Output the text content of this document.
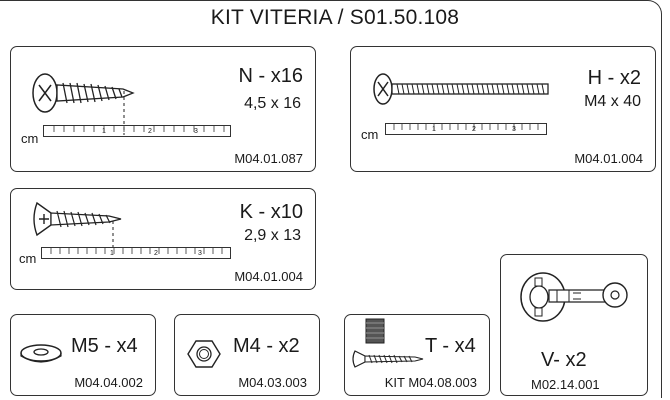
KIT VITERIA / S01.50.108
cm	1	2	3
N - x16
4,5 x 16
M04.01.087
cm	1	2	3
H - x2
M4 x 40
M04.01.004
cm	1	2	3
K - x10
2,9 x 13
M04.01.004
M5 - x4
M04.04.002
M4 - x2
M04.03.003
T - x4
KIT M04.08.003
V- x2
M02.14.001
